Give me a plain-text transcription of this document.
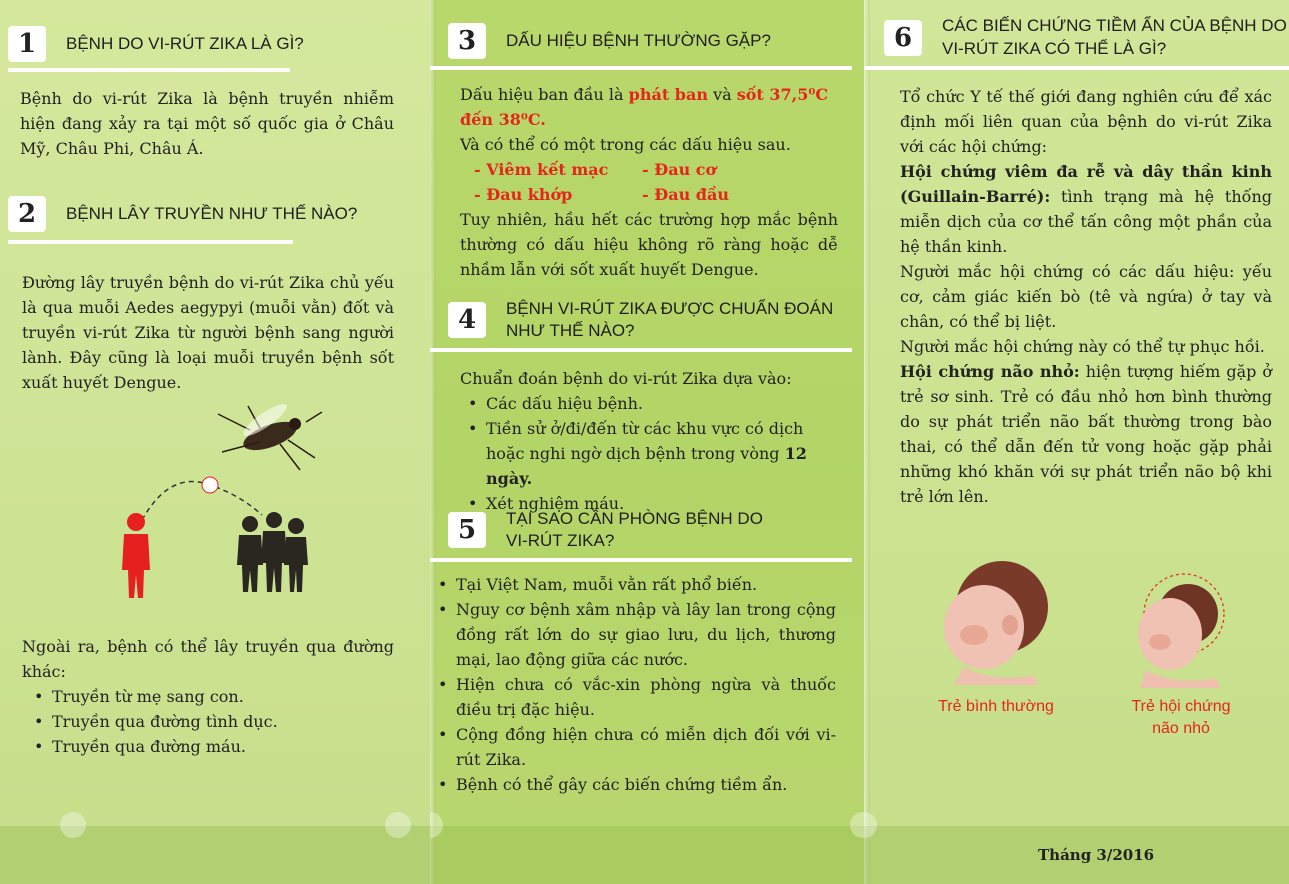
1	BỆNH DO VI-RÚT ZIKA LÀ GÌ?
Bệnh do vi-rút Zika là bệnh truyền nhiễm hiện đang xảy ra tại một số quốc gia ở Châu Mỹ, Châu Phi, Châu Á.
2	BỆNH LÂY TRUYỀN NHƯ THẾ NÀO?
Đường lây truyền bệnh do vi-rút Zika chủ yếu là qua muỗi Aedes aegypyi (muỗi vằn) đốt và truyền vi-rút Zika từ người bệnh sang người lành. Đây cũng là loại muỗi truyền bệnh sốt xuất huyết Dengue.
Ngoài ra, bệnh có thể lây truyền qua đường khác:
• Truyền từ mẹ sang con.
• Truyền qua đường tình dục.
• Truyền qua đường máu.
3	DẤU HIỆU BỆNH THƯỜNG GẶP?

Dấu hiệu ban đầu là phát ban và sốt 37,5⁰C đến 38⁰C.

Và có thể có một trong các dấu hiệu sau.

- Viêm kết mạc	- Đau cơ
- Đau khớp	- Đau đầu

Tuy nhiên, hầu hết các trường hợp mắc bệnh thường có dấu hiệu không rõ ràng hoặc dễ nhầm lẫn với sốt xuất huyết Dengue.

4	BỆNH VI-RÚT ZIKA ĐƯỢC CHUẨN ĐOÁN NHƯ THẾ NÀO?

Chuẩn đoán bệnh do vi-rút Zika dựa vào:

• Các dấu hiệu bệnh.
• Tiền sử ở/đi/đến từ các khu vực có dịch hoặc nghi ngờ dịch bệnh trong vòng 12 ngày.
• Xét nghiệm máu.
5	TẠI SAO CẦN PHÒNG BỆNH DO VI-RÚT ZIKA?
• Tại Việt Nam, muỗi vằn rất phổ biến.
• Nguy cơ bệnh xâm nhập và lây lan trong cộng đồng rất lớn do sự giao lưu, du lịch, thương mại, lao động giữa các nước.
• Hiện chưa có vắc-xin phòng ngừa và thuốc điều trị đặc hiệu.
• Cộng đồng hiện chưa có miễn dịch đối với vi-rút Zika.
• Bệnh có thể gây các biến chứng tiềm ẩn.
6	CÁC BIẾN CHỨNG TIỀM ẨN CỦA BỆNH DO VI-RÚT ZIKA CÓ THỂ LÀ GÌ?

Tổ chức Y tế thế giới đang nghiên cứu để xác định mối liên quan của bệnh do vi-rút Zika với các hội chứng:

Hội chứng viêm đa rễ và dây thần kinh (Guillain-Barré): tình trạng mà hệ thống miễn dịch của cơ thể tấn công một phần của hệ thần kinh.

Người mắc hội chứng có các dấu hiệu: yếu cơ, cảm giác kiến bò (tê và ngứa) ở tay và chân, có thể bị liệt.

Người mắc hội chứng này có thể tự phục hồi.

Hội chứng não nhỏ: hiện tượng hiếm gặp ở trẻ sơ sinh. Trẻ có đầu nhỏ hơn bình thường do sự phát triển não bất thường trong bào thai, có thể dẫn đến tử vong hoặc gặp phải những khó khăn với sự phát triển não bộ khi trẻ lớn lên.

Trẻ bình thường	Trẻ hội chứng não nhỏ
Tháng 3/2016
